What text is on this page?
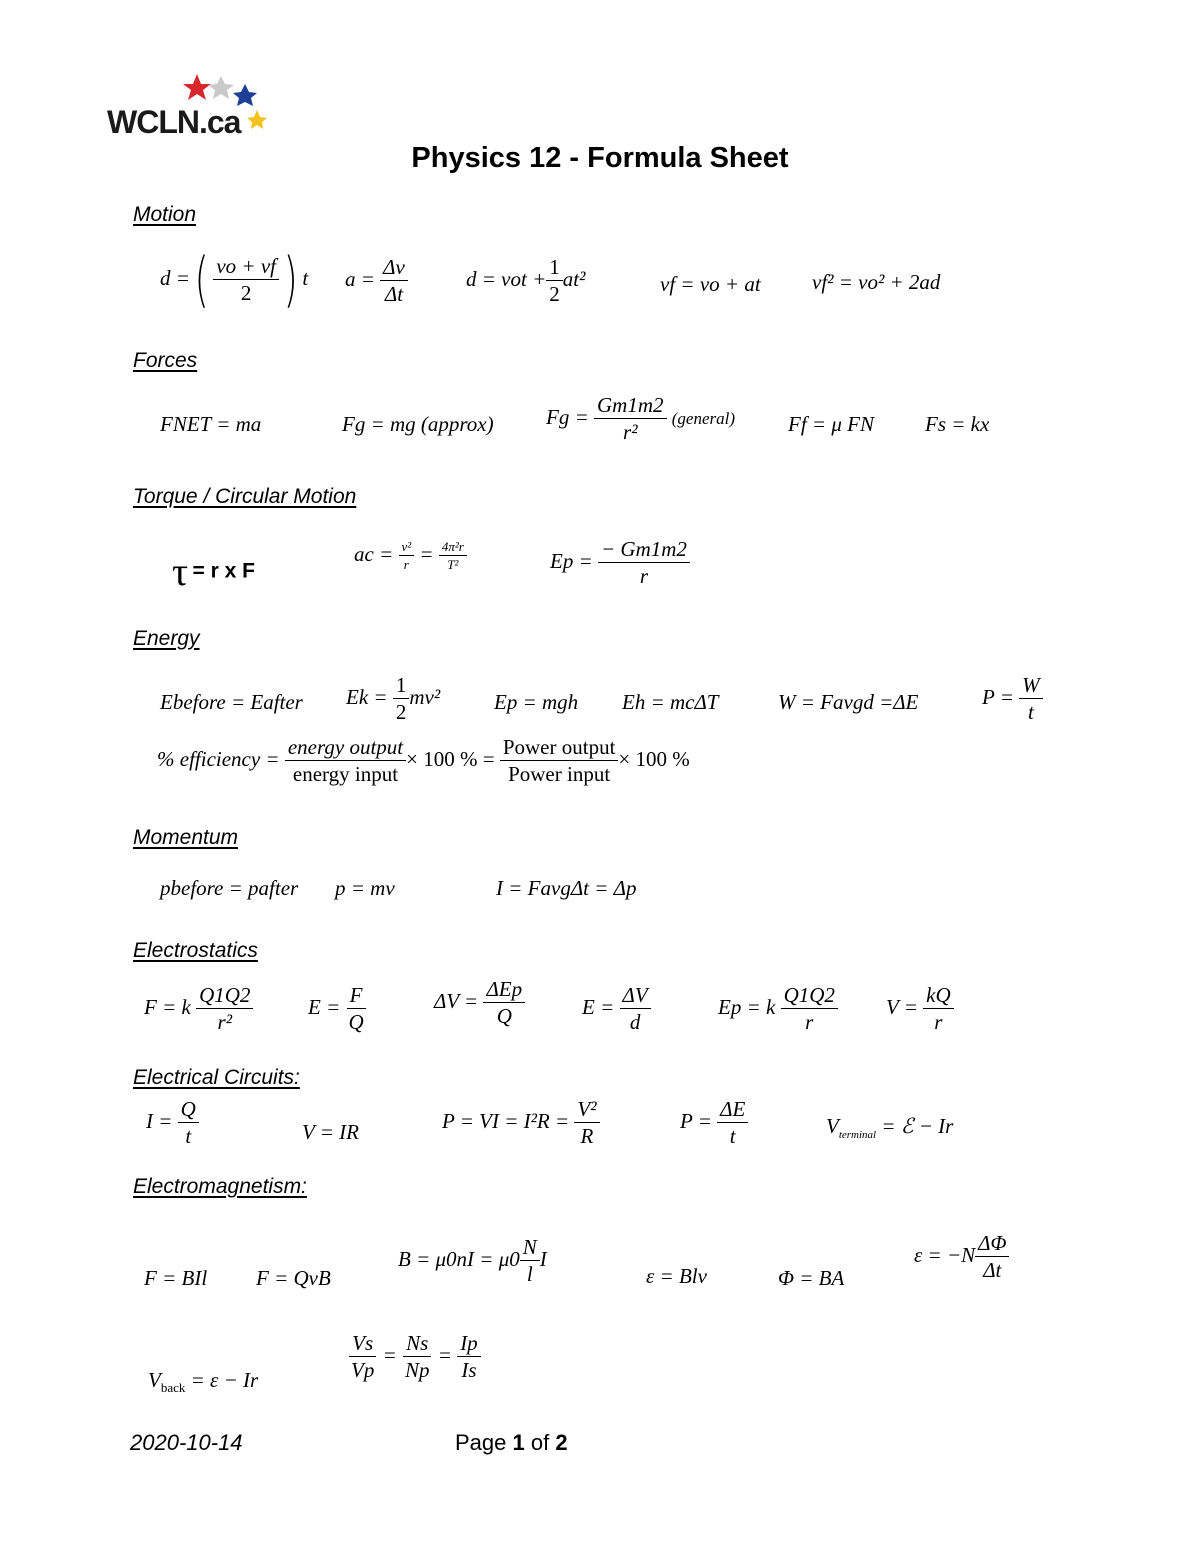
WCLN.ca
Physics 12 - Formula Sheet
Motion
d =( $\frac{vo + vf}{2}$ ) t $a = \frac{\Delta v}{\Delta t}$	d = vot + $\frac{1}{2} at^2$	vf = vo + at vf² = vo² + 2ad
Forces
FNET = ma	Fg = mg (approx) $Fg = \frac{Gm1m2}{\text{r²}}$ (general)	Ff = μ FN Fs = kx
Torque / Circular Motion
τ = r x F
ac = $\frac{\text{v²}}{r} = \frac{\text{4π²r}}{\text{T²}}$	$Ep = \frac{- Gm1m2}{r}$
Energy
Ebefore = Eafter $Ek = \frac{1}{2} mv^2$	Ep = mgh Eh = mcΔT	W = Favgd =ΔE	$P = \frac{W}{t}$
% efficiency = $\frac{\text{energy output}}{\text{energy input}} \times 100$ % = $\frac{\text{Power output}}{\text{Power input}} \times 100$ %
Momentum
pbefore = pafter p = mv	I = FavgΔt = Δp
Electrostatics
F = k $\frac{Q1Q2}{\text{r²}}$	$E = \frac{F}{Q}$	$\Delta V = \frac{\text{ΔEp}}{Q}$	$E = \frac{\Delta V}{d}$	Ep = k $\frac{Q1Q2}{r}$ $V = \frac{kQ}{r}$
Electrical Circuits:
$I = \frac{Q}{t}$	V = IR	P = VI = $I^2R = \frac{\text{V²}}{R}$	$P = \frac{\Delta E}{t}$	$V_{terminal}$ = ℰ − Ir
Electromagnetism:
F = BIl F = QvB
$B = \mu 0nI = \mu 0 \frac{N}{l}$ I
ε = Blv	Φ = BA
$\varepsilon = -N \frac{\Delta\Phi}{\Delta t}$
$V_{back} = \varepsilon - Ir$	$\frac{Vs}{Vp} = \frac{Ns}{Np} = \frac{Ip}{Is}$
2020-10-14	Page 1 of 2
